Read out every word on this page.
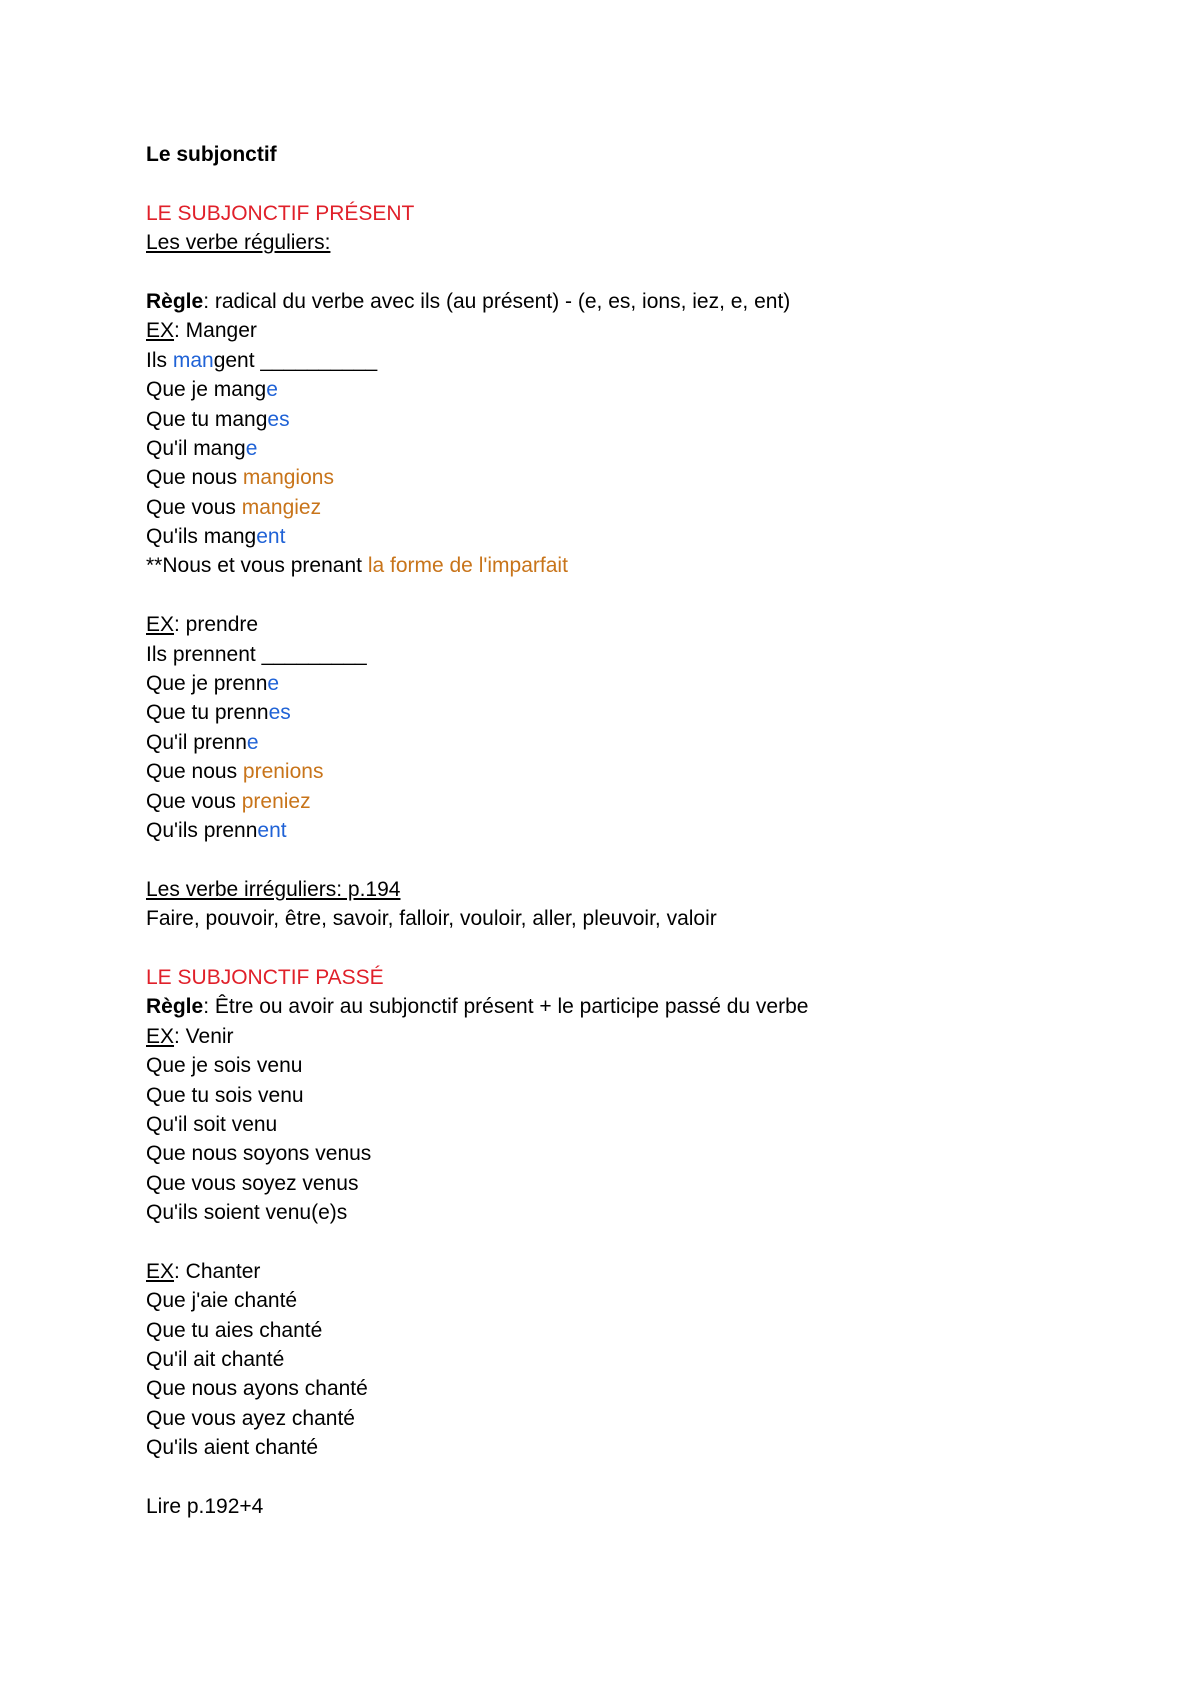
Le subjonctif
LE SUBJONCTIF PRÉSENT
Les verbe réguliers:
Règle: radical du verbe avec ils (au présent) - (e, es, ions, iez, e, ent)
EX: Manger
Ils mangent __________
Que je mange
Que tu manges
Qu'il mange
Que nous mangions
Que vous mangiez
Qu'ils mangent
**Nous et vous prenant la forme de l'imparfait
EX: prendre
Ils prennent _________
Que je prenne
Que tu prennes
Qu'il prenne
Que nous prenions
Que vous preniez
Qu'ils prennent
Les verbe irréguliers: p.194
Faire, pouvoir, être, savoir, falloir, vouloir, aller, pleuvoir, valoir
LE SUBJONCTIF PASSÉ
Règle: Être ou avoir au subjonctif présent + le participe passé du verbe
EX: Venir
Que je sois venu
Que tu sois venu
Qu'il soit venu
Que nous soyons venus
Que vous soyez venus
Qu'ils soient venu(e)s
EX: Chanter
Que j'aie chanté
Que tu aies chanté
Qu'il ait chanté
Que nous ayons chanté
Que vous ayez chanté
Qu'ils aient chanté
Lire p.192+4
